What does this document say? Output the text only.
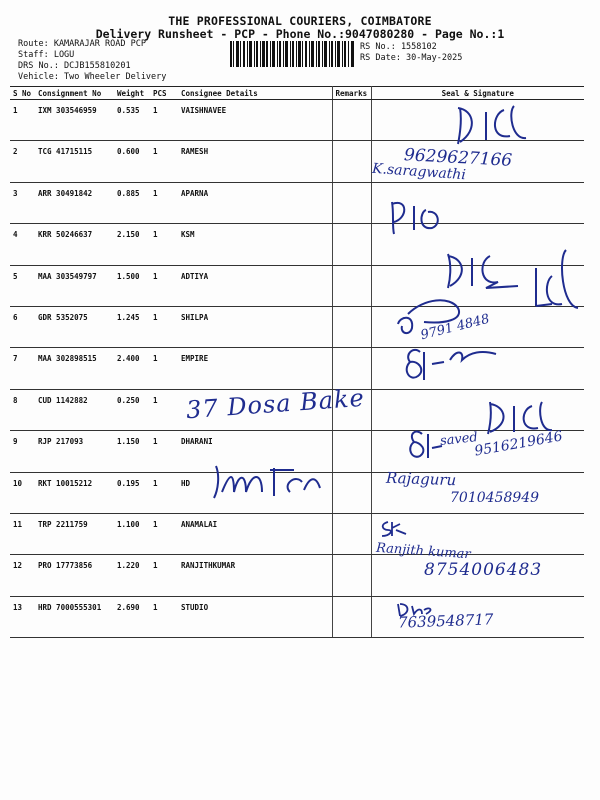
THE PROFESSIONAL COURIERS, COIMBATORE
Delivery Runsheet - PCP - Phone No.:9047080280 - Page No.:1
Route: KAMARAJAR ROAD PCP
Staff: LOGU
DRS No.: DCJB155810201
Vehicle: Two Wheeler Delivery
RS No.: 1558102
RS Date: 30-May-2025
S No	Consignment No	Weight	PCS	Consignee Details	Remarks	Seal & Signature
1	IXM 303546959	0.535	1	VAISHNAVEE		
2	TCG 41715115	0.600	1	RAMESH		
3	ARR 30491842	0.885	1	APARNA		
4	KRR 50246637	2.150	1	KSM		
5	MAA 303549797	1.500	1	ADTIYA		
6	GDR 5352075	1.245	1	SHILPA		
7	MAA 302898515	2.400	1	EMPIRE		
8	CUD 1142882	0.250	1			
9	RJP 217093	1.150	1	DHARANI		
10	RKT 10015212	0.195	1	HD		
11	TRP 2211759	1.100	1	ANAMALAI		
12	PRO 17773856	1.220	1	RANJITHKUMAR		
13	HRD 7000555301	2.690	1	STUDIO		
9629627166
K.saragwathi
9791 4848
37 Dosa Bake
saved
9516219646
Rajaguru
7010458949
Ranjith kumar
8754006483
7639548717
